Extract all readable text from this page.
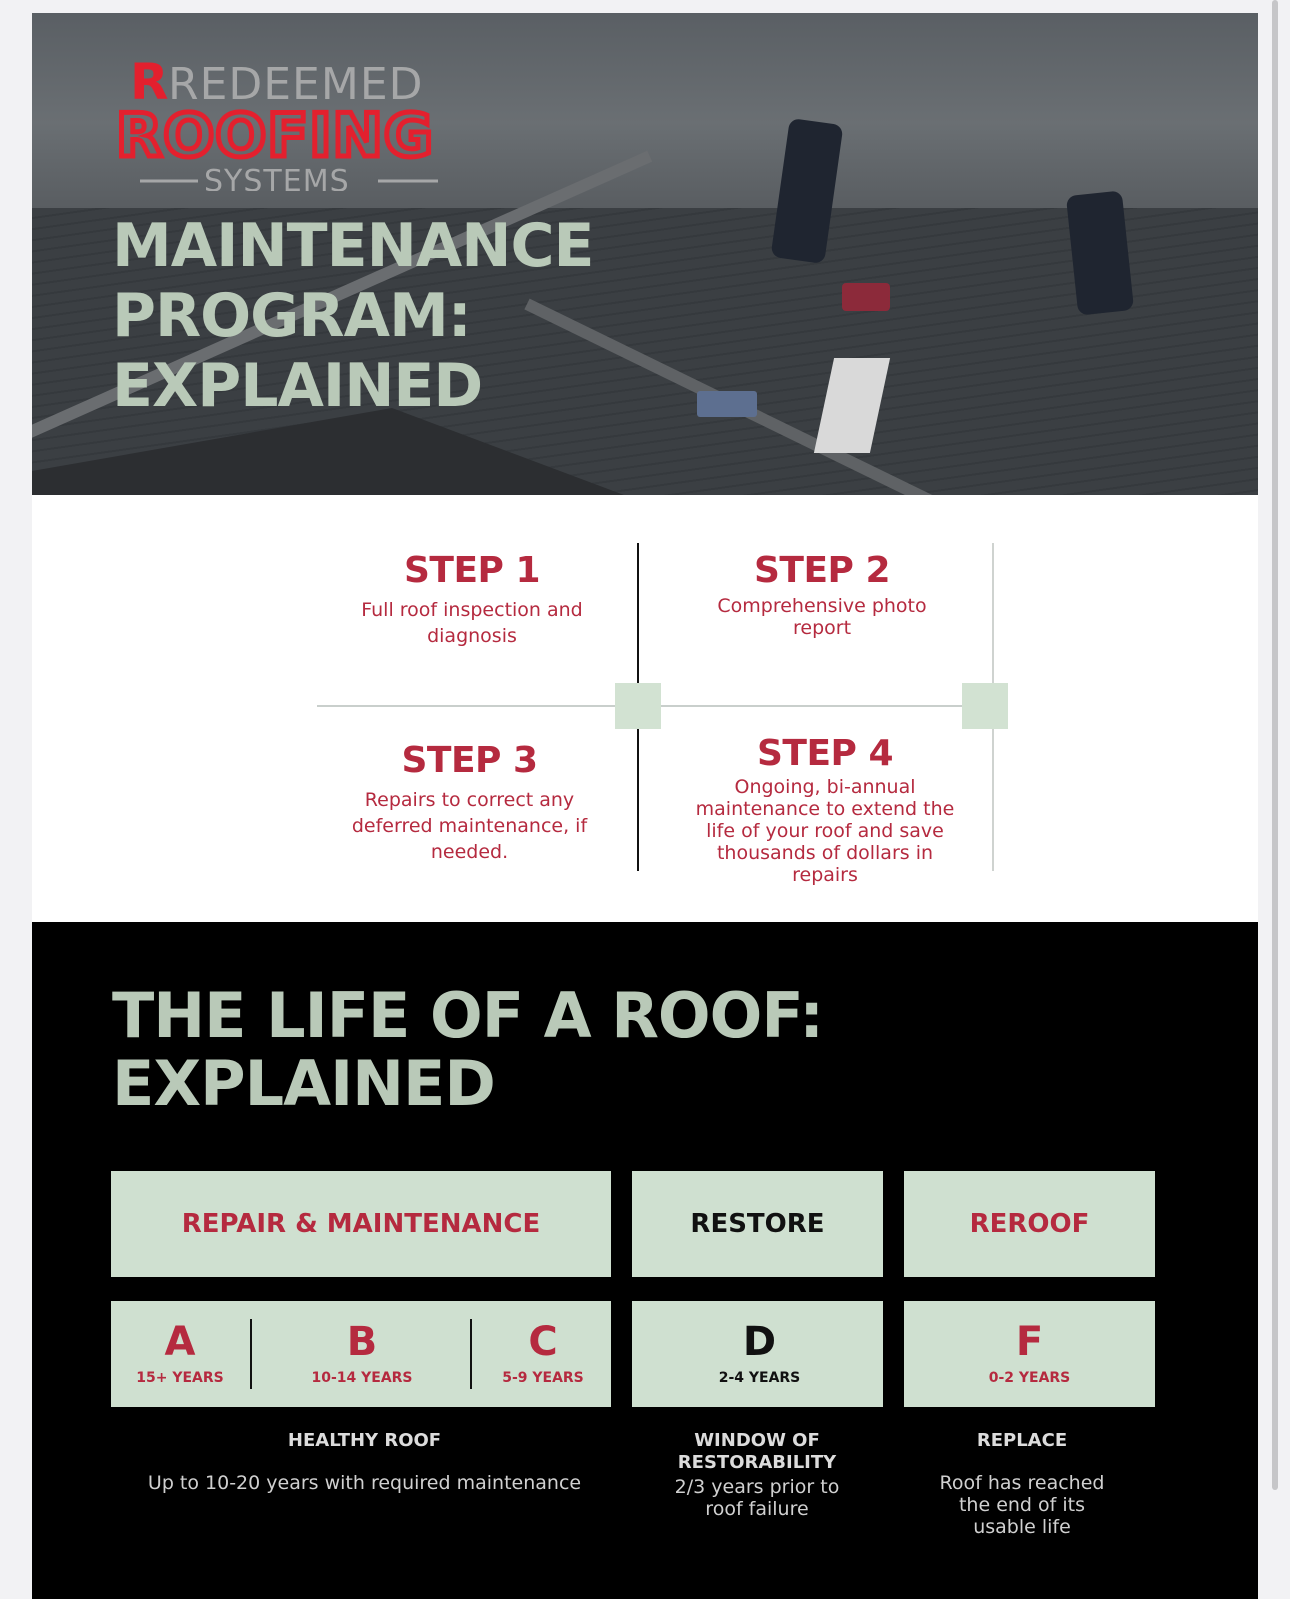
R REDEEMED
ROOFING
SYSTEMS
MAINTENANCE
PROGRAM:
EXPLAINED
STEP 1

Full roof inspection and diagnosis

STEP 2

Comprehensive photo report

STEP 3

Repairs to correct any deferred maintenance, if needed.

STEP 4

Ongoing, bi-annual maintenance to extend the life of your roof and save thousands of dollars in repairs

THE LIFE OF A ROOF:
EXPLAINED
REPAIR & MAINTENANCE	RESTORE	REROOF
A
15+ YEARS
B
10-14 YEARS
C
5-9 YEARS
D
2-4 YEARS
F
0-2 YEARS
HEALTHY ROOF
Up to 10-20 years with required maintenance
WINDOW OF RESTORABILITY
2/3 years prior to roof failure
REPLACE
Roof has reached the end of its usable life
